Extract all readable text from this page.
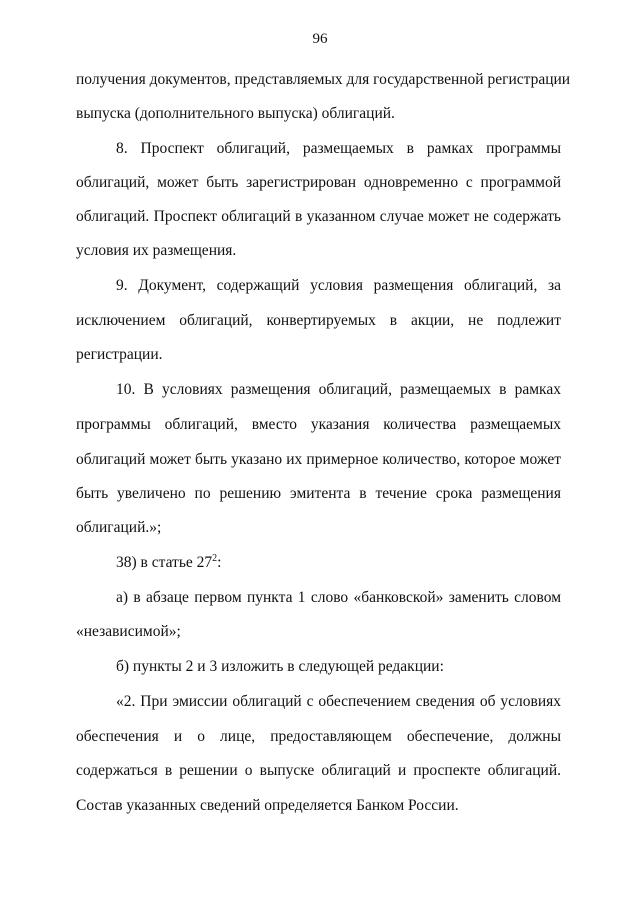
96
получения документов, представляемых для государственной регистрации
выпуска (дополнительного выпуска) облигаций.
8. Проспект облигаций, размещаемых в рамках программы
облигаций, может быть зарегистрирован одновременно с программой
облигаций. Проспект облигаций в указанном случае может не содержать
условия их размещения.
9. Документ, содержащий условия размещения облигаций, за
исключением облигаций, конвертируемых в акции, не подлежит
регистрации.
10. В условиях размещения облигаций, размещаемых в рамках
программы облигаций, вместо указания количества размещаемых
облигаций может быть указано их примерное количество, которое может
быть увеличено по решению эмитента в течение срока размещения
облигаций.»;
38) в статье $27^2$:
а) в абзаце первом пункта 1 слово «банковской» заменить словом
«независимой»;
б) пункты 2 и 3 изложить в следующей редакции:
«2. При эмиссии облигаций с обеспечением сведения об условиях
обеспечения и о лице, предоставляющем обеспечение, должны
содержаться в решении о выпуске облигаций и проспекте облигаций.
Состав указанных сведений определяется Банком России.
